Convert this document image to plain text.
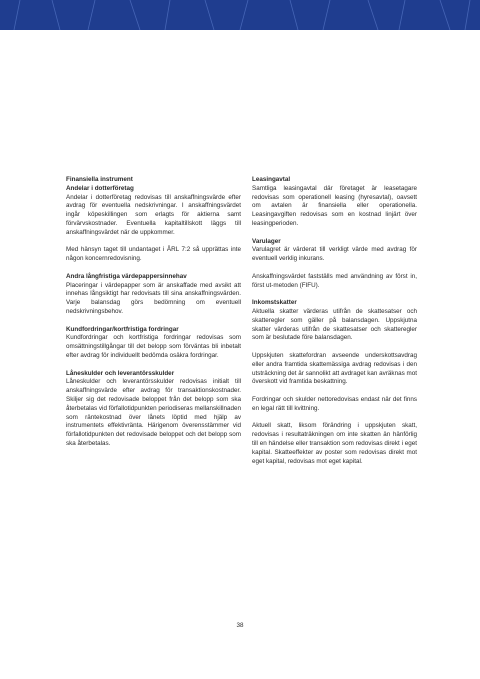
Finansiella instrument
Andelar i dotterföretag
Andelar i dotterföretag redovisas till anskaffningsvärde efter avdrag för eventuella nedskrivningar. I anskaffningsvärdet ingår köpeskillingen som erlagts för aktierna samt förvärvskostnader. Eventuella kapitaltillskott läggs till anskaffningsvärdet när de uppkommer.
Med hänsyn taget till undantaget i ÅRL 7:2 så upprättas inte någon koncernredovisning.
Andra långfristiga värdepappersinnehav
Placeringar i värdepapper som är anskaffade med avsikt att innehas långsiktigt har redovisats till sina anskaffningsvärden. Varje balansdag görs bedömning om eventuell nedskrivningsbehov.
Kundfordringar/kortfristiga fordringar
Kundfordringar och kortfristiga fordringar redovisas som omsättningstillgångar till det belopp som förväntas bli inbetalt efter avdrag för individuellt bedömda osäkra fordringar.
Låneskulder och leverantörsskulder
Låneskulder och leverantörsskulder redovisas initialt till anskaffningsvärde efter avdrag för transaktionskostnader. Skiljer sig det redovisade beloppet från det belopp som ska återbetalas vid förfallotidpunkten periodiseras mellanskillnaden som räntekostnad över lånets löptid med hjälp av instrumentets effektivränta. Härigenom överensstämmer vid förfallotidpunkten det redovisade beloppet och det belopp som ska återbetalas.
Leasingavtal
Samtliga leasingavtal där företaget är leasetagare redovisas som operationell leasing (hyresavtal), oavsett om avtalen är finansiella eller operationella. Leasingavgiften redovisas som en kostnad linjärt över leasingperioden.
Varulager
Varulagret är värderat till verkligt värde med avdrag för eventuell verklig inkurans.
Anskaffningsvärdet fastställs med användning av först in, först ut-metoden (FIFU).
Inkomstskatter
Aktuella skatter värderas utifrån de skattesatser och skatteregler som gäller på balansdagen. Uppskjutna skatter värderas utifrån de skattesatser och skatteregler som är beslutade före balansdagen.
Uppskjuten skattefordran avseende underskottsavdrag eller andra framtida skattemässiga avdrag redovisas i den utsträckning det är sannolikt att avdraget kan avräknas mot överskott vid framtida beskattning.
Fordringar och skulder nettoredovisas endast när det finns en legal rätt till kvittning.
Aktuell skatt, liksom förändring i uppskjuten skatt, redovisas i resultaträkningen om inte skatten än hänförlig till en händelse eller transaktion som redovisas direkt i eget kapital. Skatteeffekter av poster som redovisas direkt mot eget kapital, redovisas mot eget kapital.
38
